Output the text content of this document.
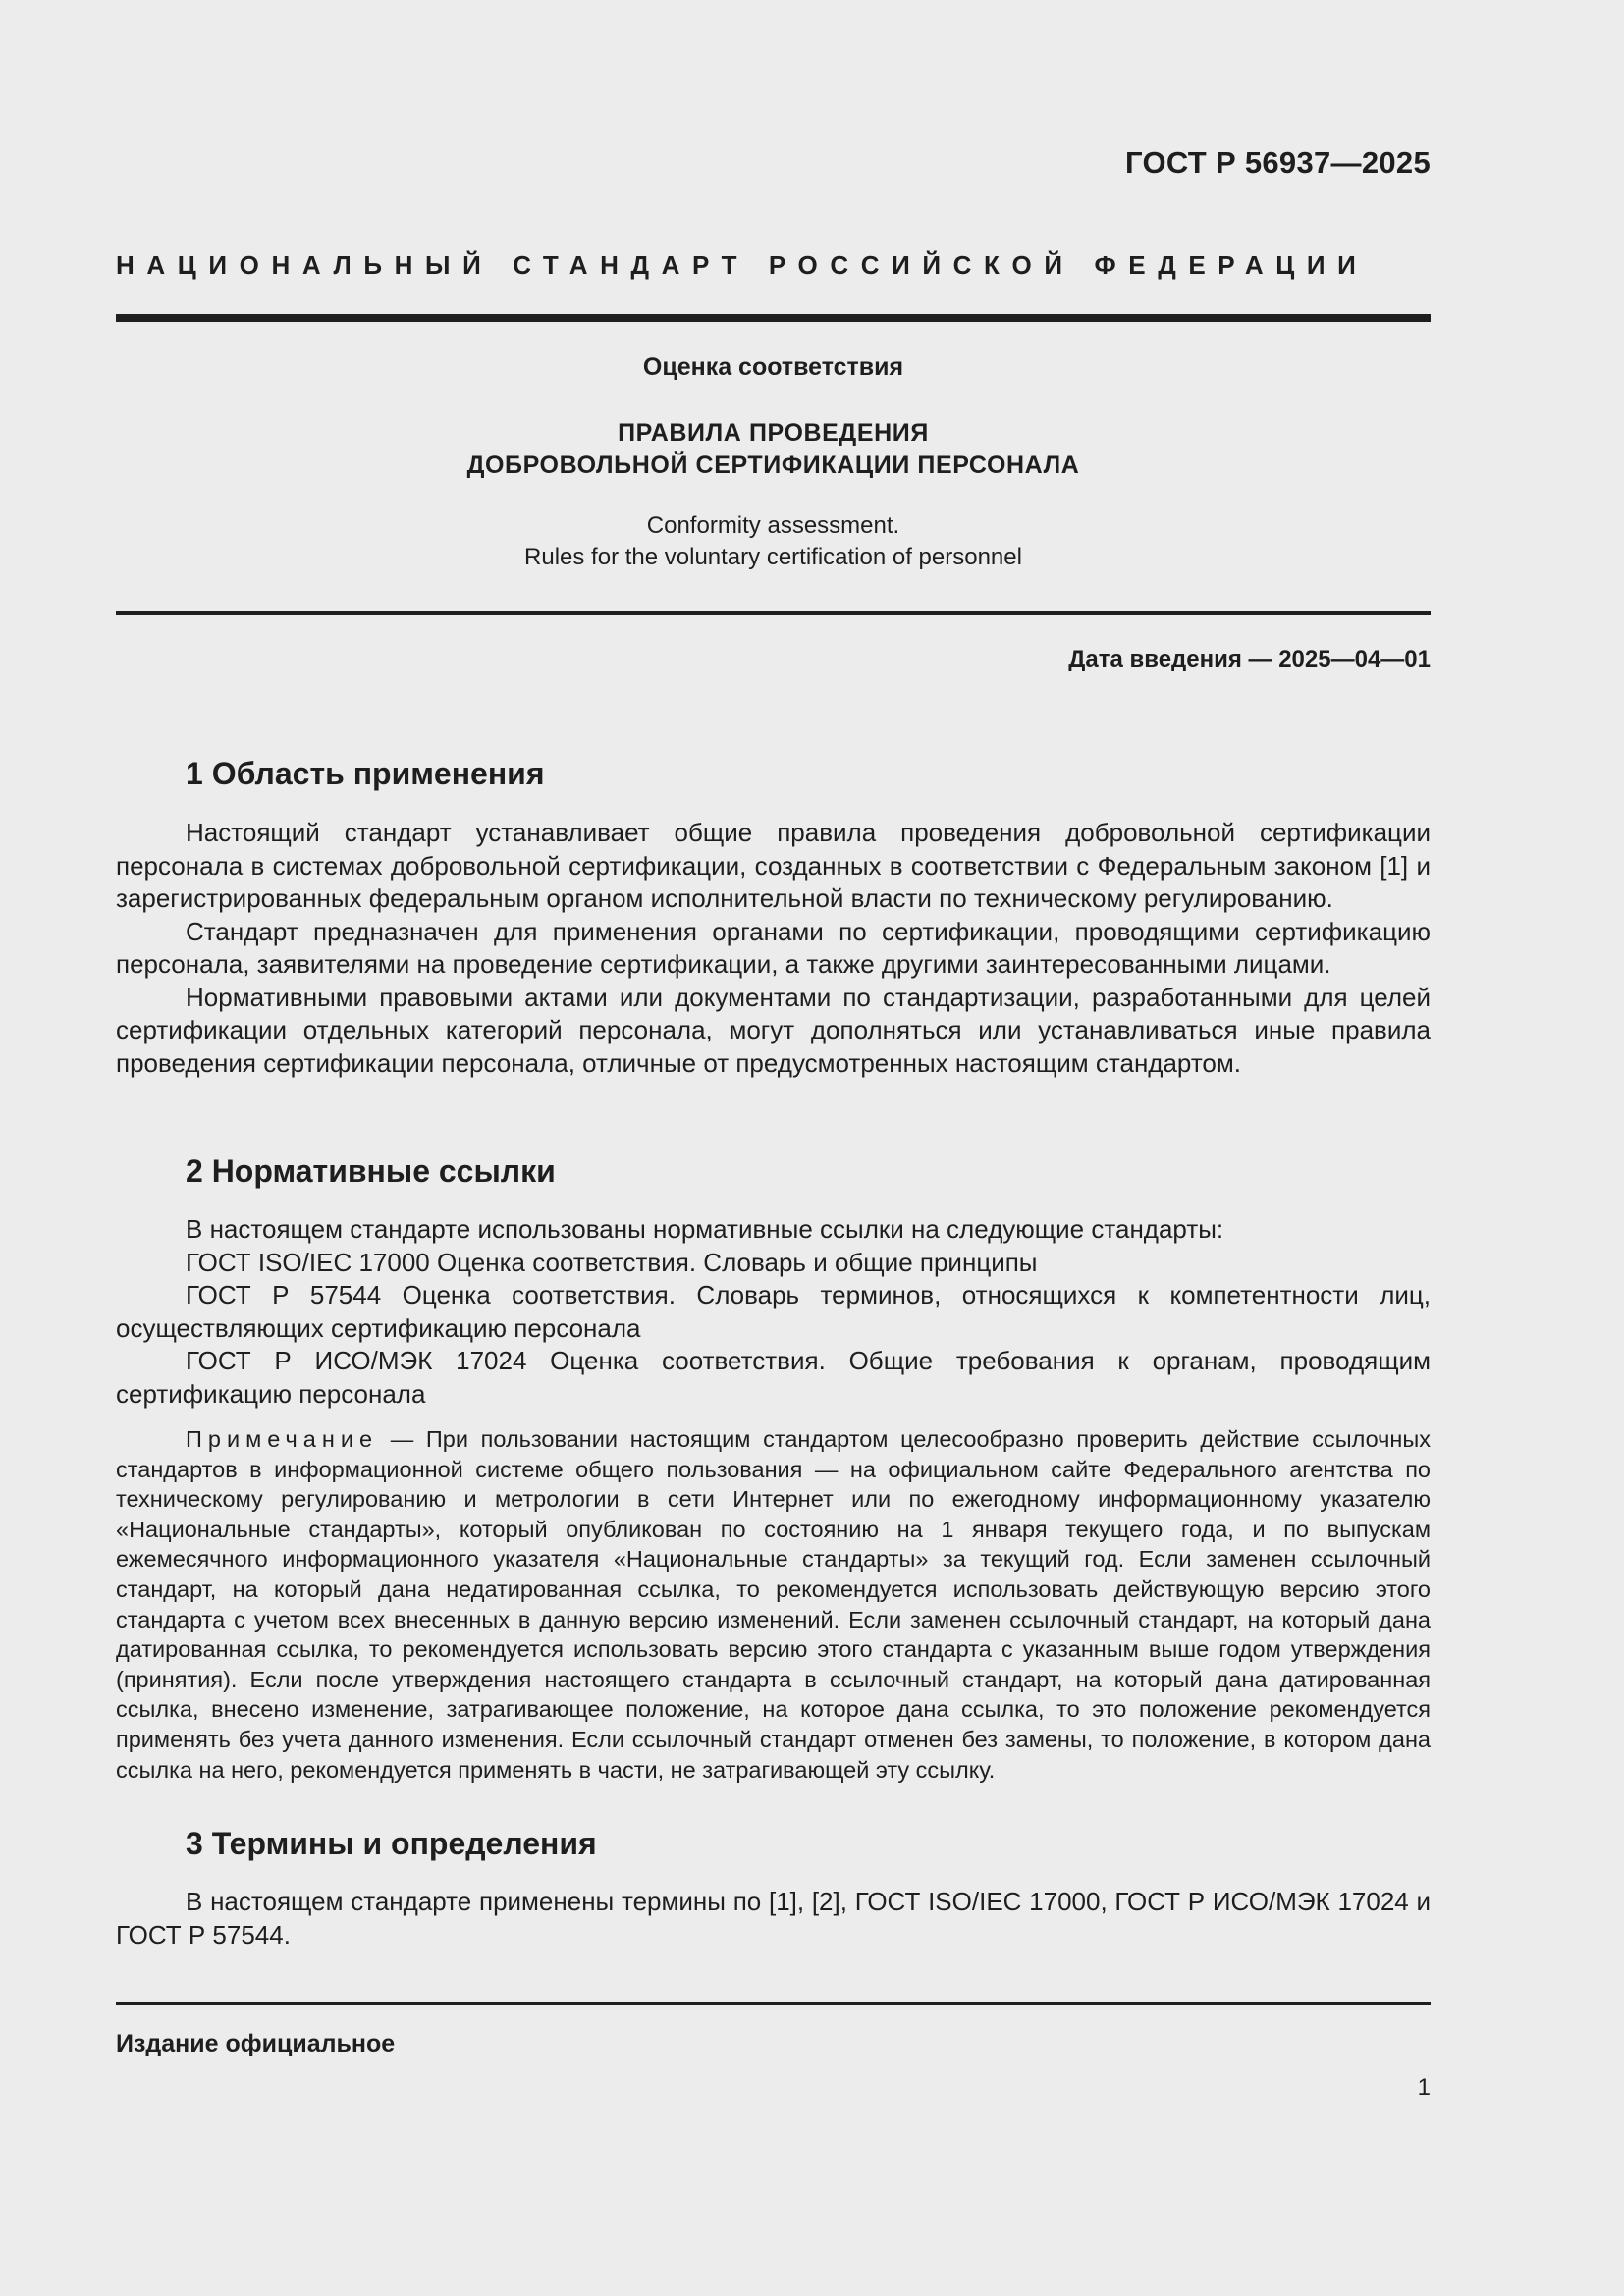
ГОСТ Р 56937—2025
НАЦИОНАЛЬНЫЙ СТАНДАРТ РОССИЙСКОЙ ФЕДЕРАЦИИ
Оценка соответствия
ПРАВИЛА ПРОВЕДЕНИЯ
ДОБРОВОЛЬНОЙ СЕРТИФИКАЦИИ ПЕРСОНАЛА
Conformity assessment.
Rules for the voluntary certification of personnel
Дата введения — 2025—04—01
1 Область применения

Настоящий стандарт устанавливает общие правила проведения добровольной сертификации персонала в системах добровольной сертификации, созданных в соответствии с Федеральным законом [1] и зарегистрированных федеральным органом исполнительной власти по техническому регулированию.

Стандарт предназначен для применения органами по сертификации, проводящими сертификацию персонала, заявителями на проведение сертификации, а также другими заинтересованными лицами.

Нормативными правовыми актами или документами по стандартизации, разработанными для целей сертификации отдельных категорий персонала, могут дополняться или устанавливаться иные правила проведения сертификации персонала, отличные от предусмотренных настоящим стандартом.

2 Нормативные ссылки

В настоящем стандарте использованы нормативные ссылки на следующие стандарты:

ГОСТ ISO/IEC 17000 Оценка соответствия. Словарь и общие принципы

ГОСТ Р 57544 Оценка соответствия. Словарь терминов, относящихся к компетентности лиц, осуществляющих сертификацию персонала

ГОСТ Р ИСО/МЭК 17024 Оценка соответствия. Общие требования к органам, проводящим сертификацию персонала

Примечание — При пользовании настоящим стандартом целесообразно проверить действие ссылочных стандартов в информационной системе общего пользования — на официальном сайте Федерального агентства по техническому регулированию и метрологии в сети Интернет или по ежегодному информационному указателю «Национальные стандарты», который опубликован по состоянию на 1 января текущего года, и по выпускам ежемесячного информационного указателя «Национальные стандарты» за текущий год. Если заменен ссылочный стандарт, на который дана недатированная ссылка, то рекомендуется использовать действующую версию этого стандарта с учетом всех внесенных в данную версию изменений. Если заменен ссылочный стандарт, на который дана датированная ссылка, то рекомендуется использовать версию этого стандарта с указанным выше годом утверждения (принятия). Если после утверждения настоящего стандарта в ссылочный стандарт, на который дана датированная ссылка, внесено изменение, затрагивающее положение, на которое дана ссылка, то это положение рекомендуется применять без учета данного изменения. Если ссылочный стандарт отменен без замены, то положение, в котором дана ссылка на него, рекомендуется применять в части, не затрагивающей эту ссылку.
3 Термины и определения

В настоящем стандарте применены термины по [1], [2], ГОСТ ISO/IEC 17000, ГОСТ Р ИСО/МЭК 17024 и ГОСТ Р 57544.

Издание официальное
1
